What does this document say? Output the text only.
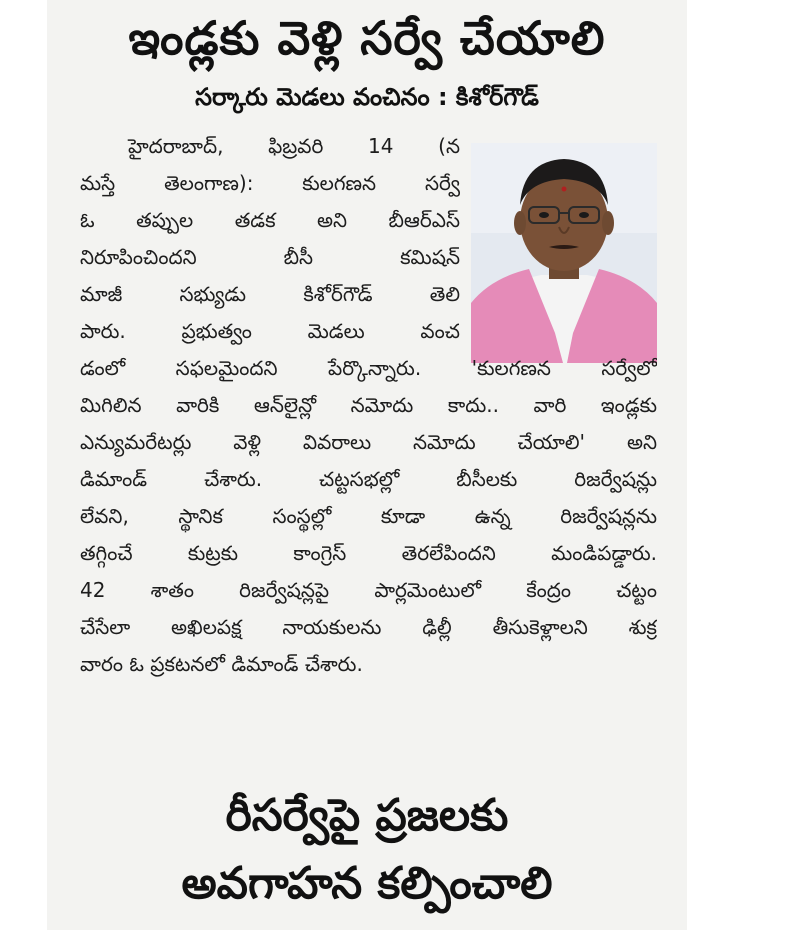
ఇండ్లకు వెళ్లి సర్వే చేయాలి
సర్కారు మెడలు వంచినం : కిశోర్‌గౌడ్
హైదరాబాద్, ఫిబ్రవరి 14 (న
మస్తే తెలంగాణ): కులగణన సర్వే
ఓ తప్పుల తడక అని బీఆర్‌ఎస్
నిరూపించిందని బీసీ కమిషన్
మాజీ సభ్యుడు కిశోర్‌గౌడ్ తెలి
పారు. ప్రభుత్వం మెడలు వంచ
డంలో సఫలమైందని పేర్కొన్నారు. 'కులగణన సర్వేలో
మిగిలిన వారికి ఆన్‌లైన్లో నమోదు కాదు.. వారి ఇండ్లకు
ఎన్యుమరేటర్లు వెళ్లి వివరాలు నమోదు చేయాలి' అని
డిమాండ్ చేశారు. చట్టసభల్లో బీసీలకు రిజర్వేషన్లు
లేవని, స్థానిక సంస్థల్లో కూడా ఉన్న రిజర్వేషన్లను
తగ్గించే కుట్రకు కాంగ్రెస్ తెరలేపిందని మండిపడ్డారు.
42 శాతం రిజర్వేషన్లపై పార్లమెంటులో కేంద్రం చట్టం
చేసేలా అఖిలపక్ష నాయకులను ఢిల్లీ తీసుకెళ్లాలని శుక్ర
వారం ఓ ప్రకటనలో డిమాండ్ చేశారు.
రీసర్వేపై ప్రజలకు
అవగాహన కల్పించాలి
